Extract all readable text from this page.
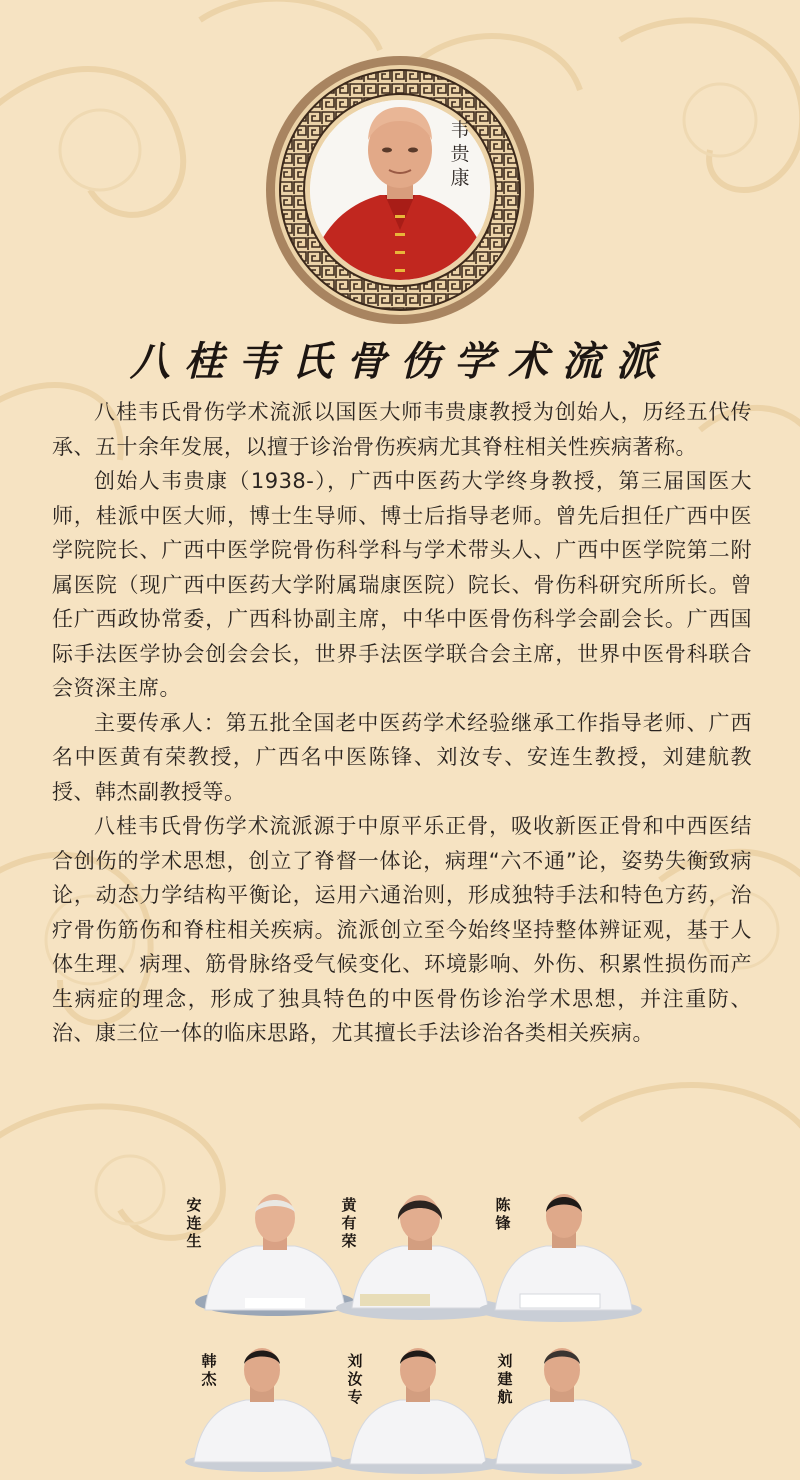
韦贵康
八桂韦氏骨伤学术流派

八桂韦氏骨伤学术流派以国医大师韦贵康教授为创始人，历经五代传承、五十余年发展，以擅于诊治骨伤疾病尤其脊柱相关性疾病著称。

创始人韦贵康（1938-），广西中医药大学终身教授，第三届国医大师，桂派中医大师，博士生导师、博士后指导老师。曾先后担任广西中医学院院长、广西中医学院骨伤科学科与学术带头人、广西中医学院第二附属医院（现广西中医药大学附属瑞康医院）院长、骨伤科研究所所长。曾任广西政协常委，广西科协副主席，中华中医骨伤科学会副会长。广西国际手法医学协会创会会长，世界手法医学联合会主席，世界中医骨科联合会资深主席。

主要传承人：第五批全国老中医药学术经验继承工作指导老师、广西名中医黄有荣教授，广西名中医陈锋、刘汝专、安连生教授，刘建航教授、韩杰副教授等。

八桂韦氏骨伤学术流派源于中原平乐正骨，吸收新医正骨和中西医结合创伤的学术思想，创立了脊督一体论，病理“六不通”论，姿势失衡致病论，动态力学结构平衡论，运用六通治则，形成独特手法和特色方药，治疗骨伤筋伤和脊柱相关疾病。流派创立至今始终坚持整体辨证观，基于人体生理、病理、筋骨脉络受气候变化、环境影响、外伤、积累性损伤而产生病症的理念，形成了独具特色的中医骨伤诊治学术思想，并注重防、治、康三位一体的临床思路，尤其擅长手法诊治各类相关疾病。

安连生
黄有荣
陈锋
韩杰
刘汝专
刘建航
